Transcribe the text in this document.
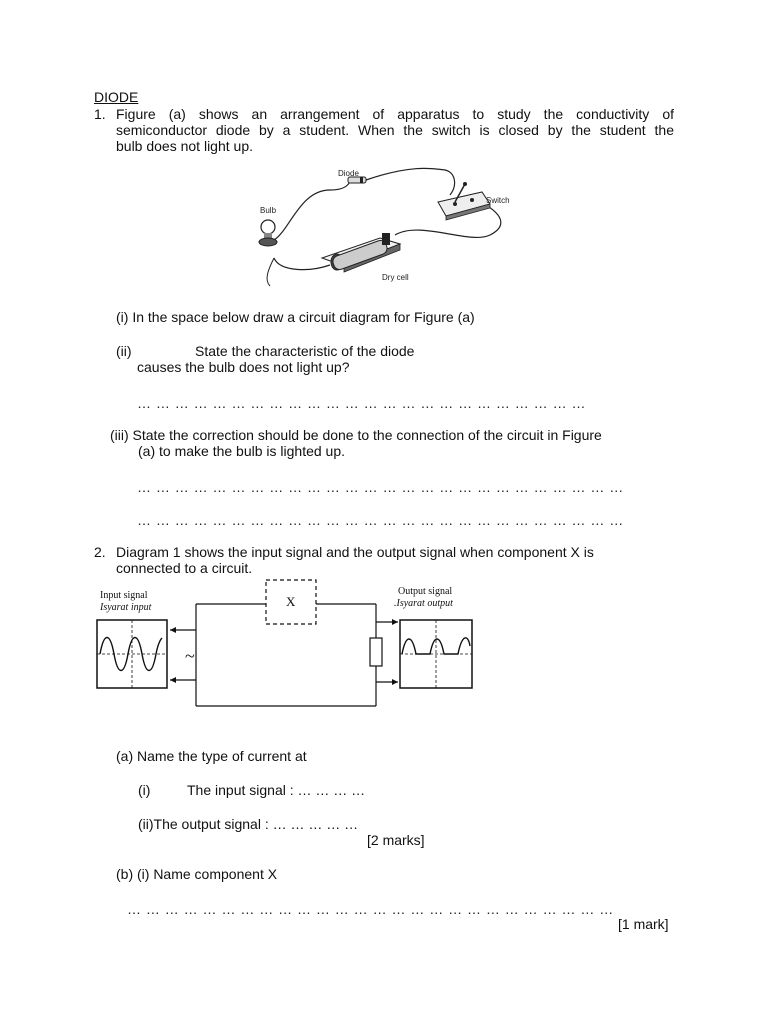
DIODE
1. Figure (a) shows an arrangement of apparatus to study the conductivity of
semiconductor diode by a student. When the switch is closed by the student the
bulb does not light up.
Diode
Switch
Bulb
Dry cell
(i) In the space below draw a circuit diagram for Figure (a)
(ii)	State the characteristic of the diode
causes the bulb does not light up?
… … … … … … … … … … … … … … … … … … … … … … … …
(iii) State the correction should be done to the connection of the circuit in Figure
(a) to make the bulb is lighted up.
… … … … … … … … … … … … … … … … … … … … … … … … … …
… … … … … … … … … … … … … … … … … … … … … … … … … …
2. Diagram 1 shows the input signal and the output signal when component X is
connected to a circuit.
Input signal
Isyarat input
Output signal
.Isyarat output
X
~
(a) Name the type of current at
(i)	The input signal : … … … …
(ii)The output signal : … … … … …
[2 marks]
(b) (i) Name component X
… … … … … … … … … … … … … … … … … … … … … … … … … …
[1 mark]
